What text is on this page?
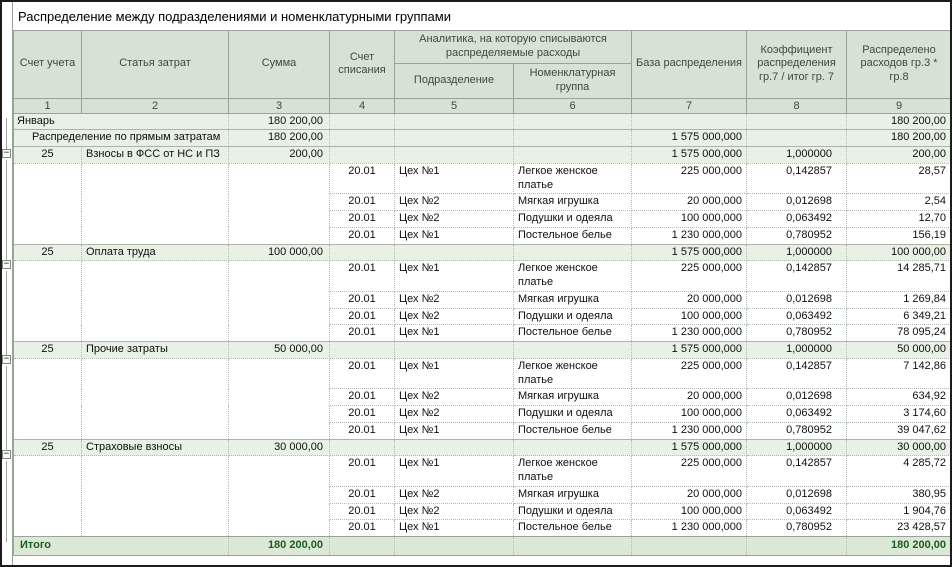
−
−
−
−
Распределение между подразделениями и номенклатурными группами
Счет учета	Статья затрат	Сумма	Счет списания	Аналитика, на которую списываются распределяемые расходы		База распределения	Коэффициент распределения гр.7 / итог гр. 7	Распределено расходов гр.3 * гр.8
				Подразделение	Номенклатурная группа			
1	2	3	4	5	6	7	8	9
Январь		180 200,00						180 200,00
Распределение по прямым затратам		180 200,00				1 575 000,000		180 200,00
25	Взносы в ФСС от НС и ПЗ	200,00				1 575 000,000	1,000000	200,00
			20.01	Цех №1	Легкое женское платье	225 000,000	0,142857	28,57
			20.01	Цех №2	Мягкая игрушка	20 000,000	0,012698	2,54
			20.01	Цех №2	Подушки и одеяла	100 000,000	0,063492	12,70
			20.01	Цех №1	Постельное белье	1 230 000,000	0,780952	156,19
25	Оплата труда	100 000,00				1 575 000,000	1,000000	100 000,00
			20.01	Цех №1	Легкое женское платье	225 000,000	0,142857	14 285,71
			20.01	Цех №2	Мягкая игрушка	20 000,000	0,012698	1 269,84
			20.01	Цех №2	Подушки и одеяла	100 000,000	0,063492	6 349,21
			20.01	Цех №1	Постельное белье	1 230 000,000	0,780952	78 095,24
25	Прочие затраты	50 000,00				1 575 000,000	1,000000	50 000,00
			20.01	Цех №1	Легкое женское платье	225 000,000	0,142857	7 142,86
			20.01	Цех №2	Мягкая игрушка	20 000,000	0,012698	634,92
			20.01	Цех №2	Подушки и одеяла	100 000,000	0,063492	3 174,60
			20.01	Цех №1	Постельное белье	1 230 000,000	0,780952	39 047,62
25	Страховые взносы	30 000,00				1 575 000,000	1,000000	30 000,00
			20.01	Цех №1	Легкое женское платье	225 000,000	0,142857	4 285,72
			20.01	Цех №2	Мягкая игрушка	20 000,000	0,012698	380,95
			20.01	Цех №2	Подушки и одеяла	100 000,000	0,063492	1 904,76
			20.01	Цех №1	Постельное белье	1 230 000,000	0,780952	23 428,57
Итого		180 200,00						180 200,00
